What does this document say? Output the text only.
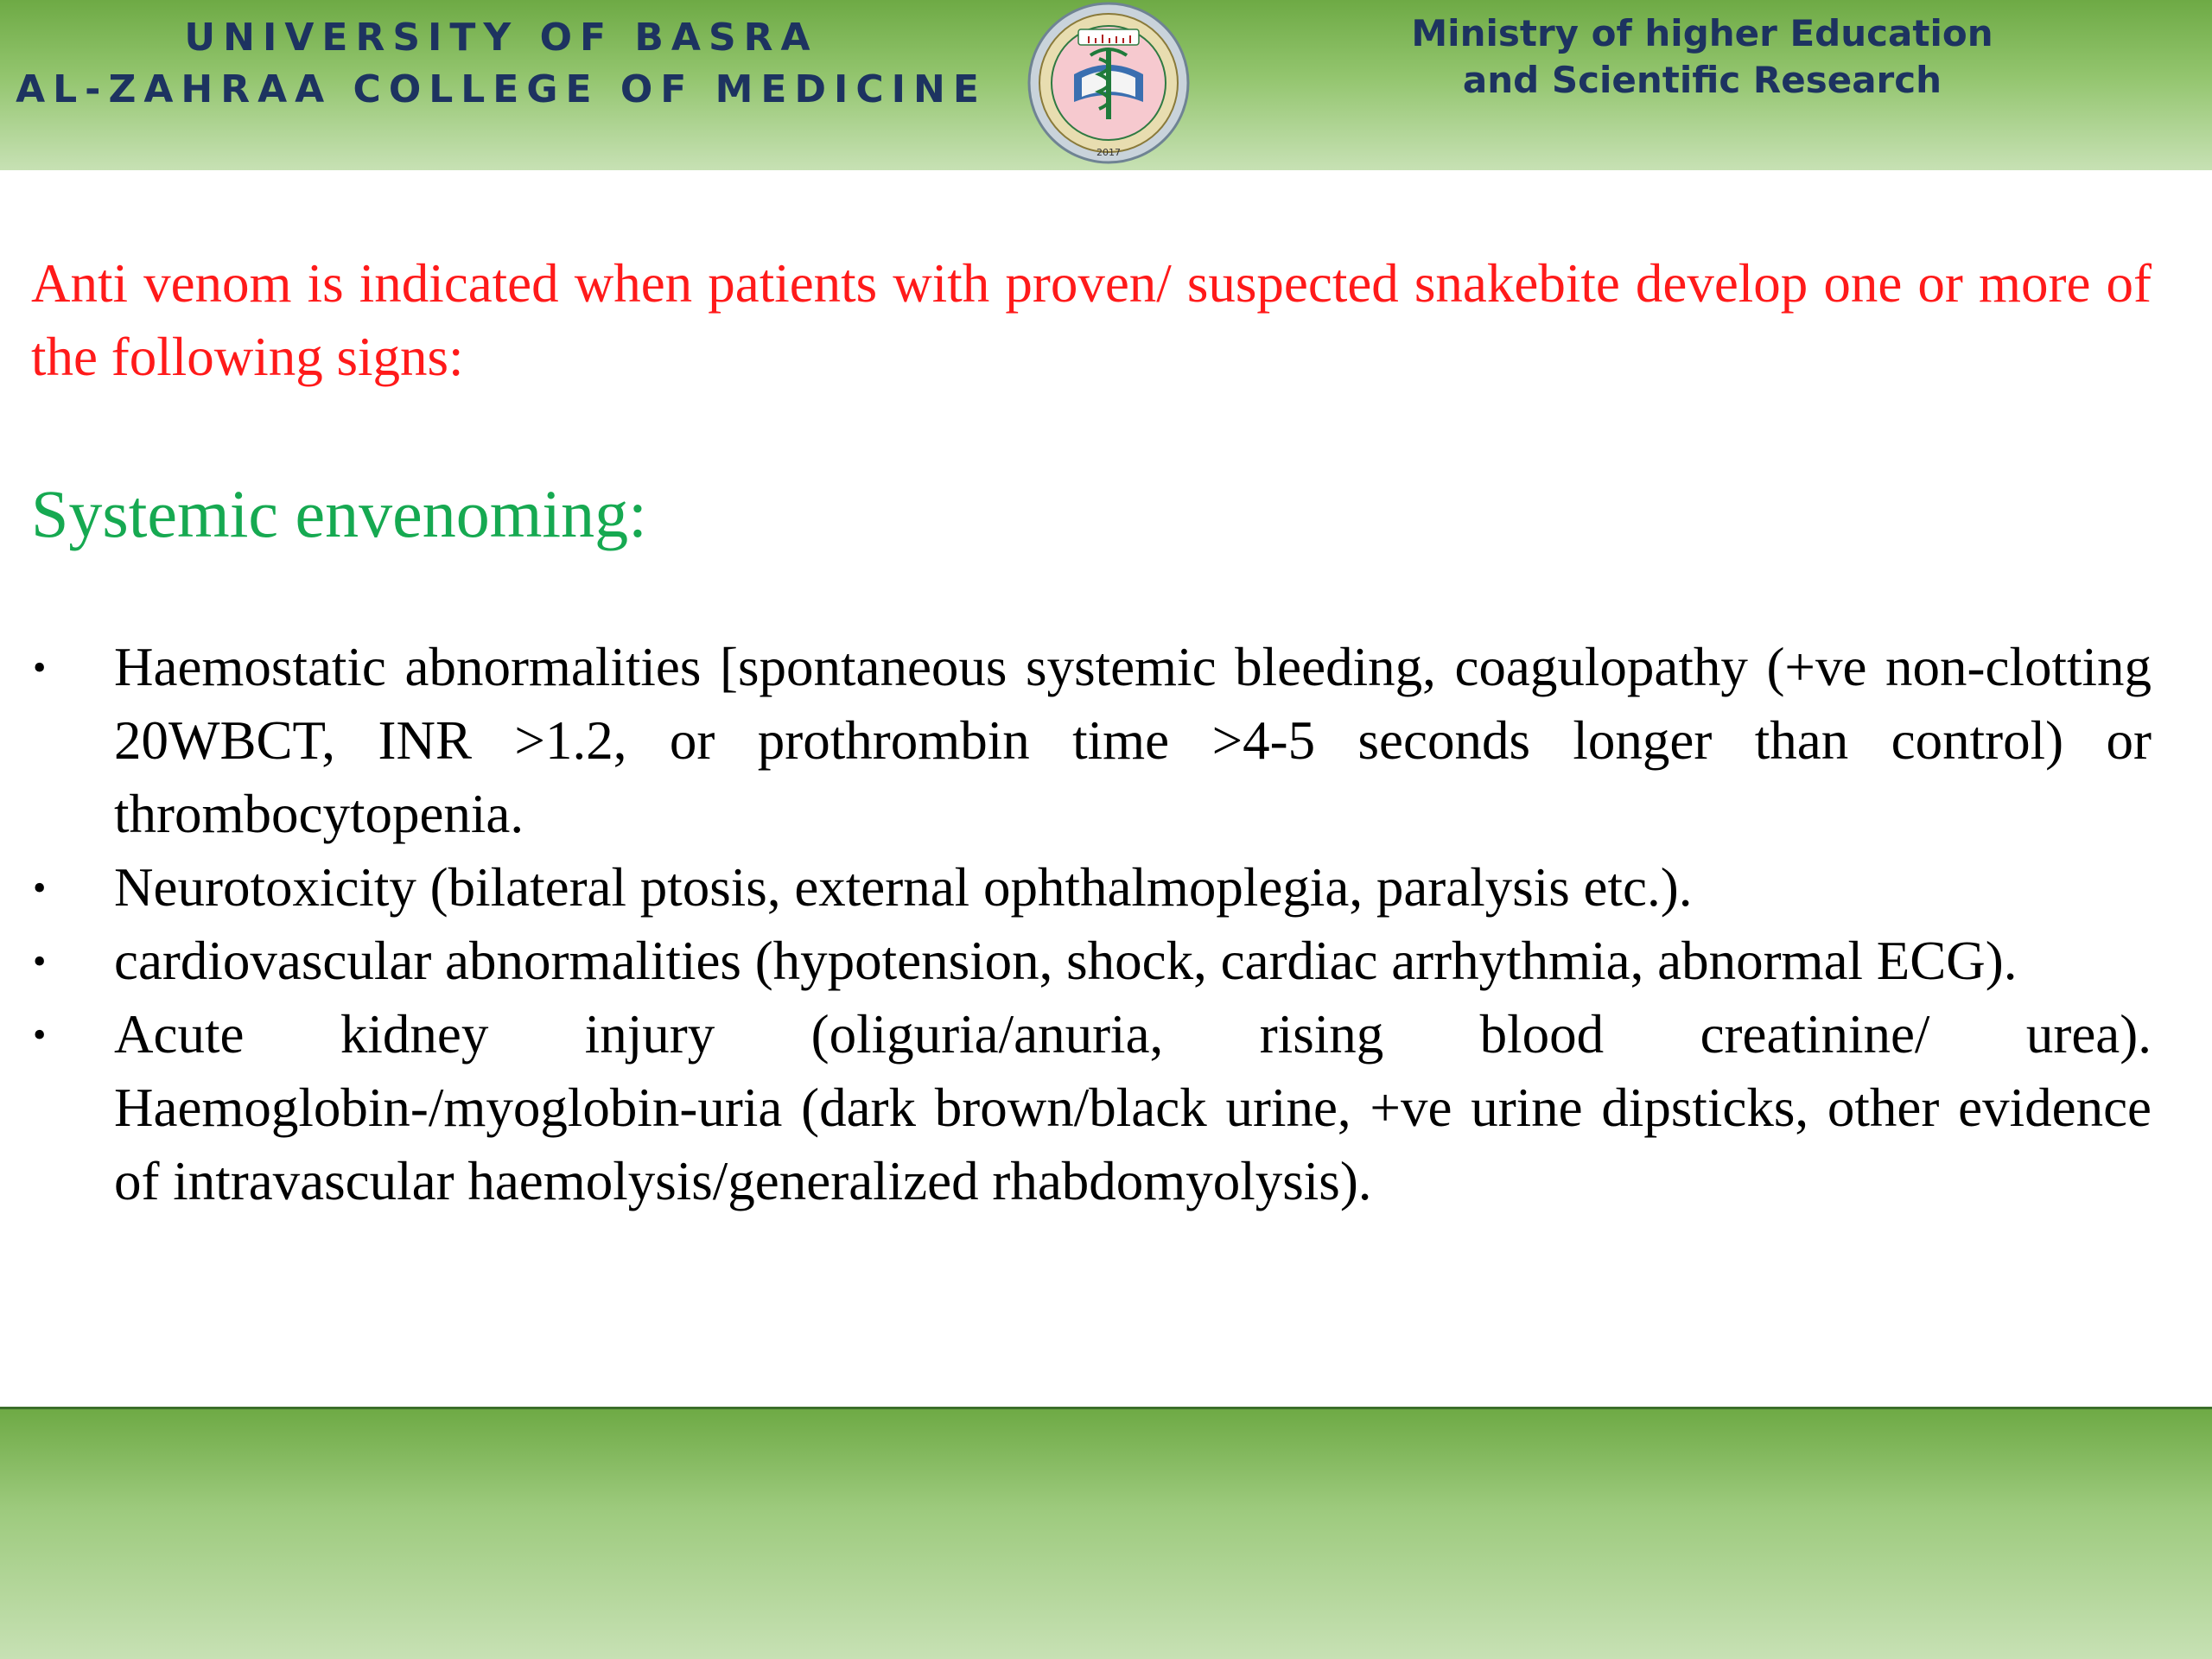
UNIVERSITY OF BASRA
AL-ZAHRAA COLLEGE OF MEDICINE
2017
Ministry of higher Education
and Scientific Research
Anti venom is indicated when patients with proven/ suspected snakebite develop one or more of the following signs:
Systemic envenoming:
• Haemostatic abnormalities [spontaneous systemic bleeding, coagulopathy (+ve non-clotting 20WBCT, INR >1.2, or prothrombin time >4-5 seconds longer than control) or thrombocytopenia.
• Neurotoxicity (bilateral ptosis, external ophthalmoplegia, paralysis etc.).
• cardiovascular abnormalities (hypotension, shock, cardiac arrhythmia, abnormal ECG).
• Acute kidney injury (oliguria/anuria, rising blood creatinine/ urea). Haemoglobin-/myoglobin-uria (dark brown/black urine, +ve urine dipsticks, other evidence of intravascular haemolysis/generalized rhabdomyolysis).
